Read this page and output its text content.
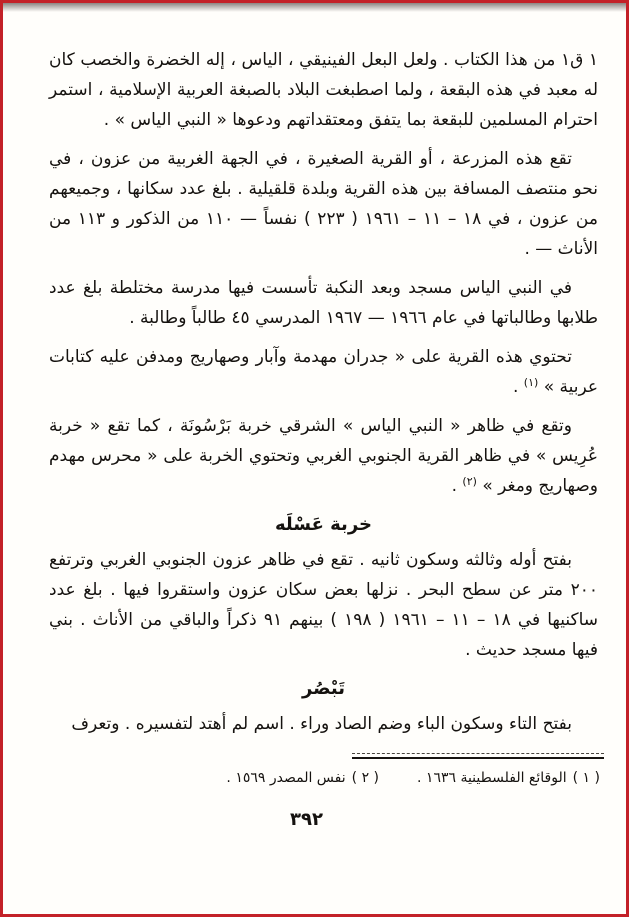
١ ق١ من هذا الكتاب . ولعل البعل الفينيقي ، الياس ، إله الخضرة والخصب كان له معبد في هذه البقعة ، ولما اصطبغت البلاد بالصبغة العربية الإسلامية ، استمر احترام المسلمين للبقعة بما يتفق ومعتقداتهم ودعوها « النبي الياس » .

تقع هذه المزرعة ، أو القرية الصغيرة ، في الجهة الغربية من عزون ، في نحو منتصف المسافة بين هذه القرية وبلدة قلقيلية . بلغ عدد سكانها ، وجميعهم من عزون ، في ١٨ – ١١ – ١٩٦١ ( ٢٢٣ ) نفساً — ١١٠ من الذكور و ١١٣ من الأناث — .

في النبي الياس مسجد وبعد النكبة تأسست فيها مدرسة مختلطة بلغ عدد طلابها وطالباتها في عام ١٩٦٦ — ١٩٦٧ المدرسي ٤٥ طالباً وطالبة .

تحتوي هذه القرية على « جدران مهدمة وآبار وصهاريج ومدفن عليه كتابات عربية » $^{(١)}$ .

وتقع في ظاهر « النبي الياس » الشرقي خربة بَرْسُونَة ، كما تقع « خربة عُرِيس » في ظاهر القرية الجنوبي الغربي وتحتوي الخربة على « محرس مهدم وصهاريج ومغر » $^{(٢)}$ .

خربة عَسْلَه

بفتح أوله وثالثه وسكون ثانيه . تقع في ظاهر عزون الجنوبي الغربي وترتفع ٢٠٠ متر عن سطح البحر . نزلها بعض سكان عزون واستقروا فيها . بلغ عدد ساكنيها في ١٨ – ١١ – ١٩٦١ ( ١٩٨ ) بينهم ٩١ ذكراً والباقي من الأناث . بني فيها مسجد حديث .

تَبْصُر

بفتح التاء وسكون الباء وضم الصاد وراء . اسم لم أهتد لتفسيره . وتعرف

( ١ )
الوقائع الفلسطينية ١٦٣٦ .
( ٢ )
نفس المصدر ١٥٦٩ .
٣٩٢
